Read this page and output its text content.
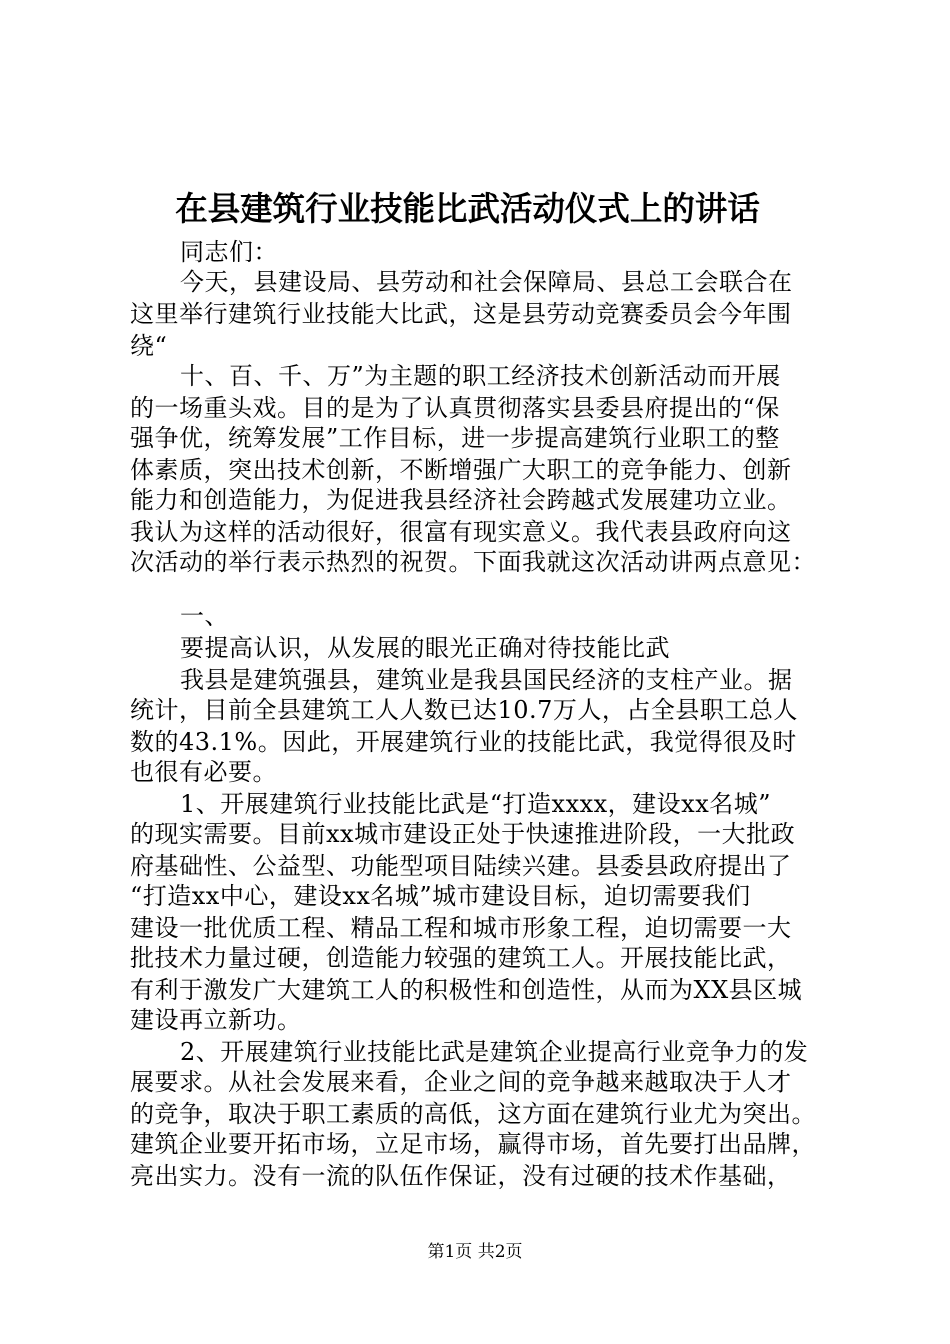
在县建筑行业技能比武活动仪式上的讲话
同志们：
今天，县建设局、县劳动和社会保障局、县总工会联合在
这里举行建筑行业技能大比武，这是县劳动竞赛委员会今年围
绕“
十、百、千、万”为主题的职工经济技术创新活动而开展
的一场重头戏。目的是为了认真贯彻落实县委县府提出的“保
强争优，统筹发展”工作目标，进一步提高建筑行业职工的整
体素质，突出技术创新，不断增强广大职工的竞争能力、创新
能力和创造能力，为促进我县经济社会跨越式发展建功立业。
我认为这样的活动很好，很富有现实意义。我代表县政府向这
次活动的举行表示热烈的祝贺。下面我就这次活动讲两点意见：
一、
要提高认识，从发展的眼光正确对待技能比武
我县是建筑强县，建筑业是我县国民经济的支柱产业。据
统计，目前全县建筑工人人数已达10.7万人，占全县职工总人
数的43.1%。因此，开展建筑行业的技能比武，我觉得很及时
也很有必要。
1、开展建筑行业技能比武是“打造xxxx，建设xx名城”
的现实需要。目前xx城市建设正处于快速推进阶段，一大批政
府基础性、公益型、功能型项目陆续兴建。县委县政府提出了
“打造xx中心，建设xx名城”城市建设目标，迫切需要我们
建设一批优质工程、精品工程和城市形象工程，迫切需要一大
批技术力量过硬，创造能力较强的建筑工人。开展技能比武，
有利于激发广大建筑工人的积极性和创造性，从而为XX县区城
建设再立新功。
2、开展建筑行业技能比武是建筑企业提高行业竞争力的发
展要求。从社会发展来看，企业之间的竞争越来越取决于人才
的竞争，取决于职工素质的高低，这方面在建筑行业尤为突出。
建筑企业要开拓市场，立足市场，赢得市场，首先要打出品牌，
亮出实力。没有一流的队伍作保证，没有过硬的技术作基础，
第1页 共2页
